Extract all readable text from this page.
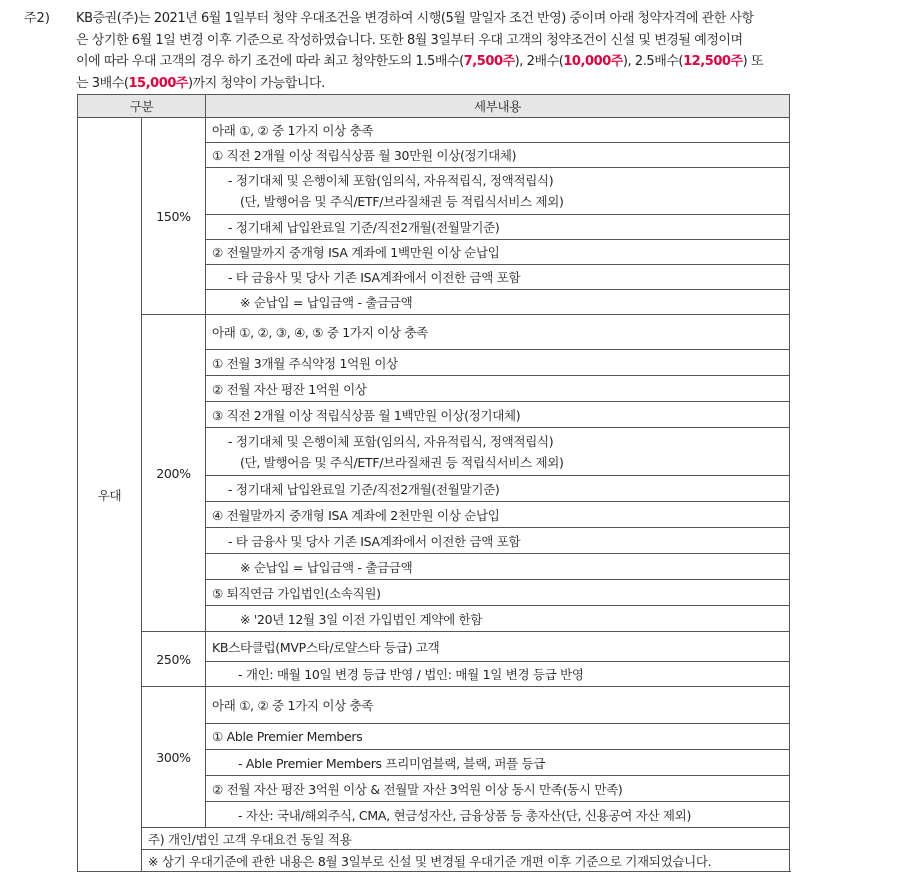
주2) KB증권(주)는 2021년 6월 1일부터 청약 우대조건을 변경하여 시행(5월 말일자 조건 반영) 중이며 아래 청약자격에 관한 사항
은 상기한 6월 1일 변경 이후 기준으로 작성하였습니다. 또한 8월 3일부터 우대 고객의 청약조건이 신설 및 변경될 예정이며
이에 따라 우대 고객의 경우 하기 조건에 따라 최고 청약한도의 1.5배수(7,500주), 2배수(10,000주), 2.5배수(12,500주) 또
는 3배수(15,000주)까지 청약이 가능합니다.
구분		세부내용
우대	150%	아래 ①, ② 중 1가지 이상 충족
		① 직전 2개월 이상 적립식상품 월 30만원 이상(정기대체)

		- 정기대체 및 은행이체 포함(임의식, 자유적립식, 정액적립식)
(단, 발행어음 및 주식/ETF/브라질채권 등 적립식서비스 제외)

		- 정기대체 납입완료일 기준/직전2개월(전월말기준)
		② 전월말까지 중개형 ISA 계좌에 1백만원 이상 순납입
		- 타 금융사 및 당사 기존 ISA계좌에서 이전한 금액 포함
		※ 순납입 = 납입금액 - 출금금액
	200%	아래 ①, ②, ③, ④, ⑤ 중 1가지 이상 충족
		① 전월 3개월 주식약정 1억원 이상
		② 전월 자산 평잔 1억원 이상
		③ 직전 2개월 이상 적립식상품 월 1백만원 이상(정기대체)

		- 정기대체 및 은행이체 포함(임의식, 자유적립식, 정액적립식)
(단, 발행어음 및 주식/ETF/브라질채권 등 적립식서비스 제외)

		- 정기대체 납입완료일 기준/직전2개월(전월말기준)
		④ 전월말까지 중개형 ISA 계좌에 2천만원 이상 순납입
		- 타 금융사 및 당사 기존 ISA계좌에서 이전한 금액 포함
		※ 순납입 = 납입금액 - 출금금액
		⑤ 퇴직연금 가입법인(소속직원)
		※ '20년 12월 3일 이전 가입법인 계약에 한함
	250%	KB스타클럽(MVP스타/로얄스타 등급) 고객
		- 개인: 매월 10일 변경 등급 반영 / 법인: 매월 1일 변경 등급 반영
	300%	아래 ①, ② 중 1가지 이상 충족
		① Able Premier Members
		- Able Premier Members 프리미엄블랙, 블랙, 퍼플 등급
		② 전월 자산 평잔 3억원 이상 & 전월말 자산 3억원 이상 동시 만족(동시 만족)
		- 자산: 국내/해외주식, CMA, 현금성자산, 금융상품 등 총자산(단, 신용공여 자산 제외)
	주) 개인/법인 고객 우대요건 동일 적용	
	※ 상기 우대기준에 관한 내용은 8월 3일부로 신설 및 변경될 우대기준 개편 이후 기준으로 기재되었습니다.	
